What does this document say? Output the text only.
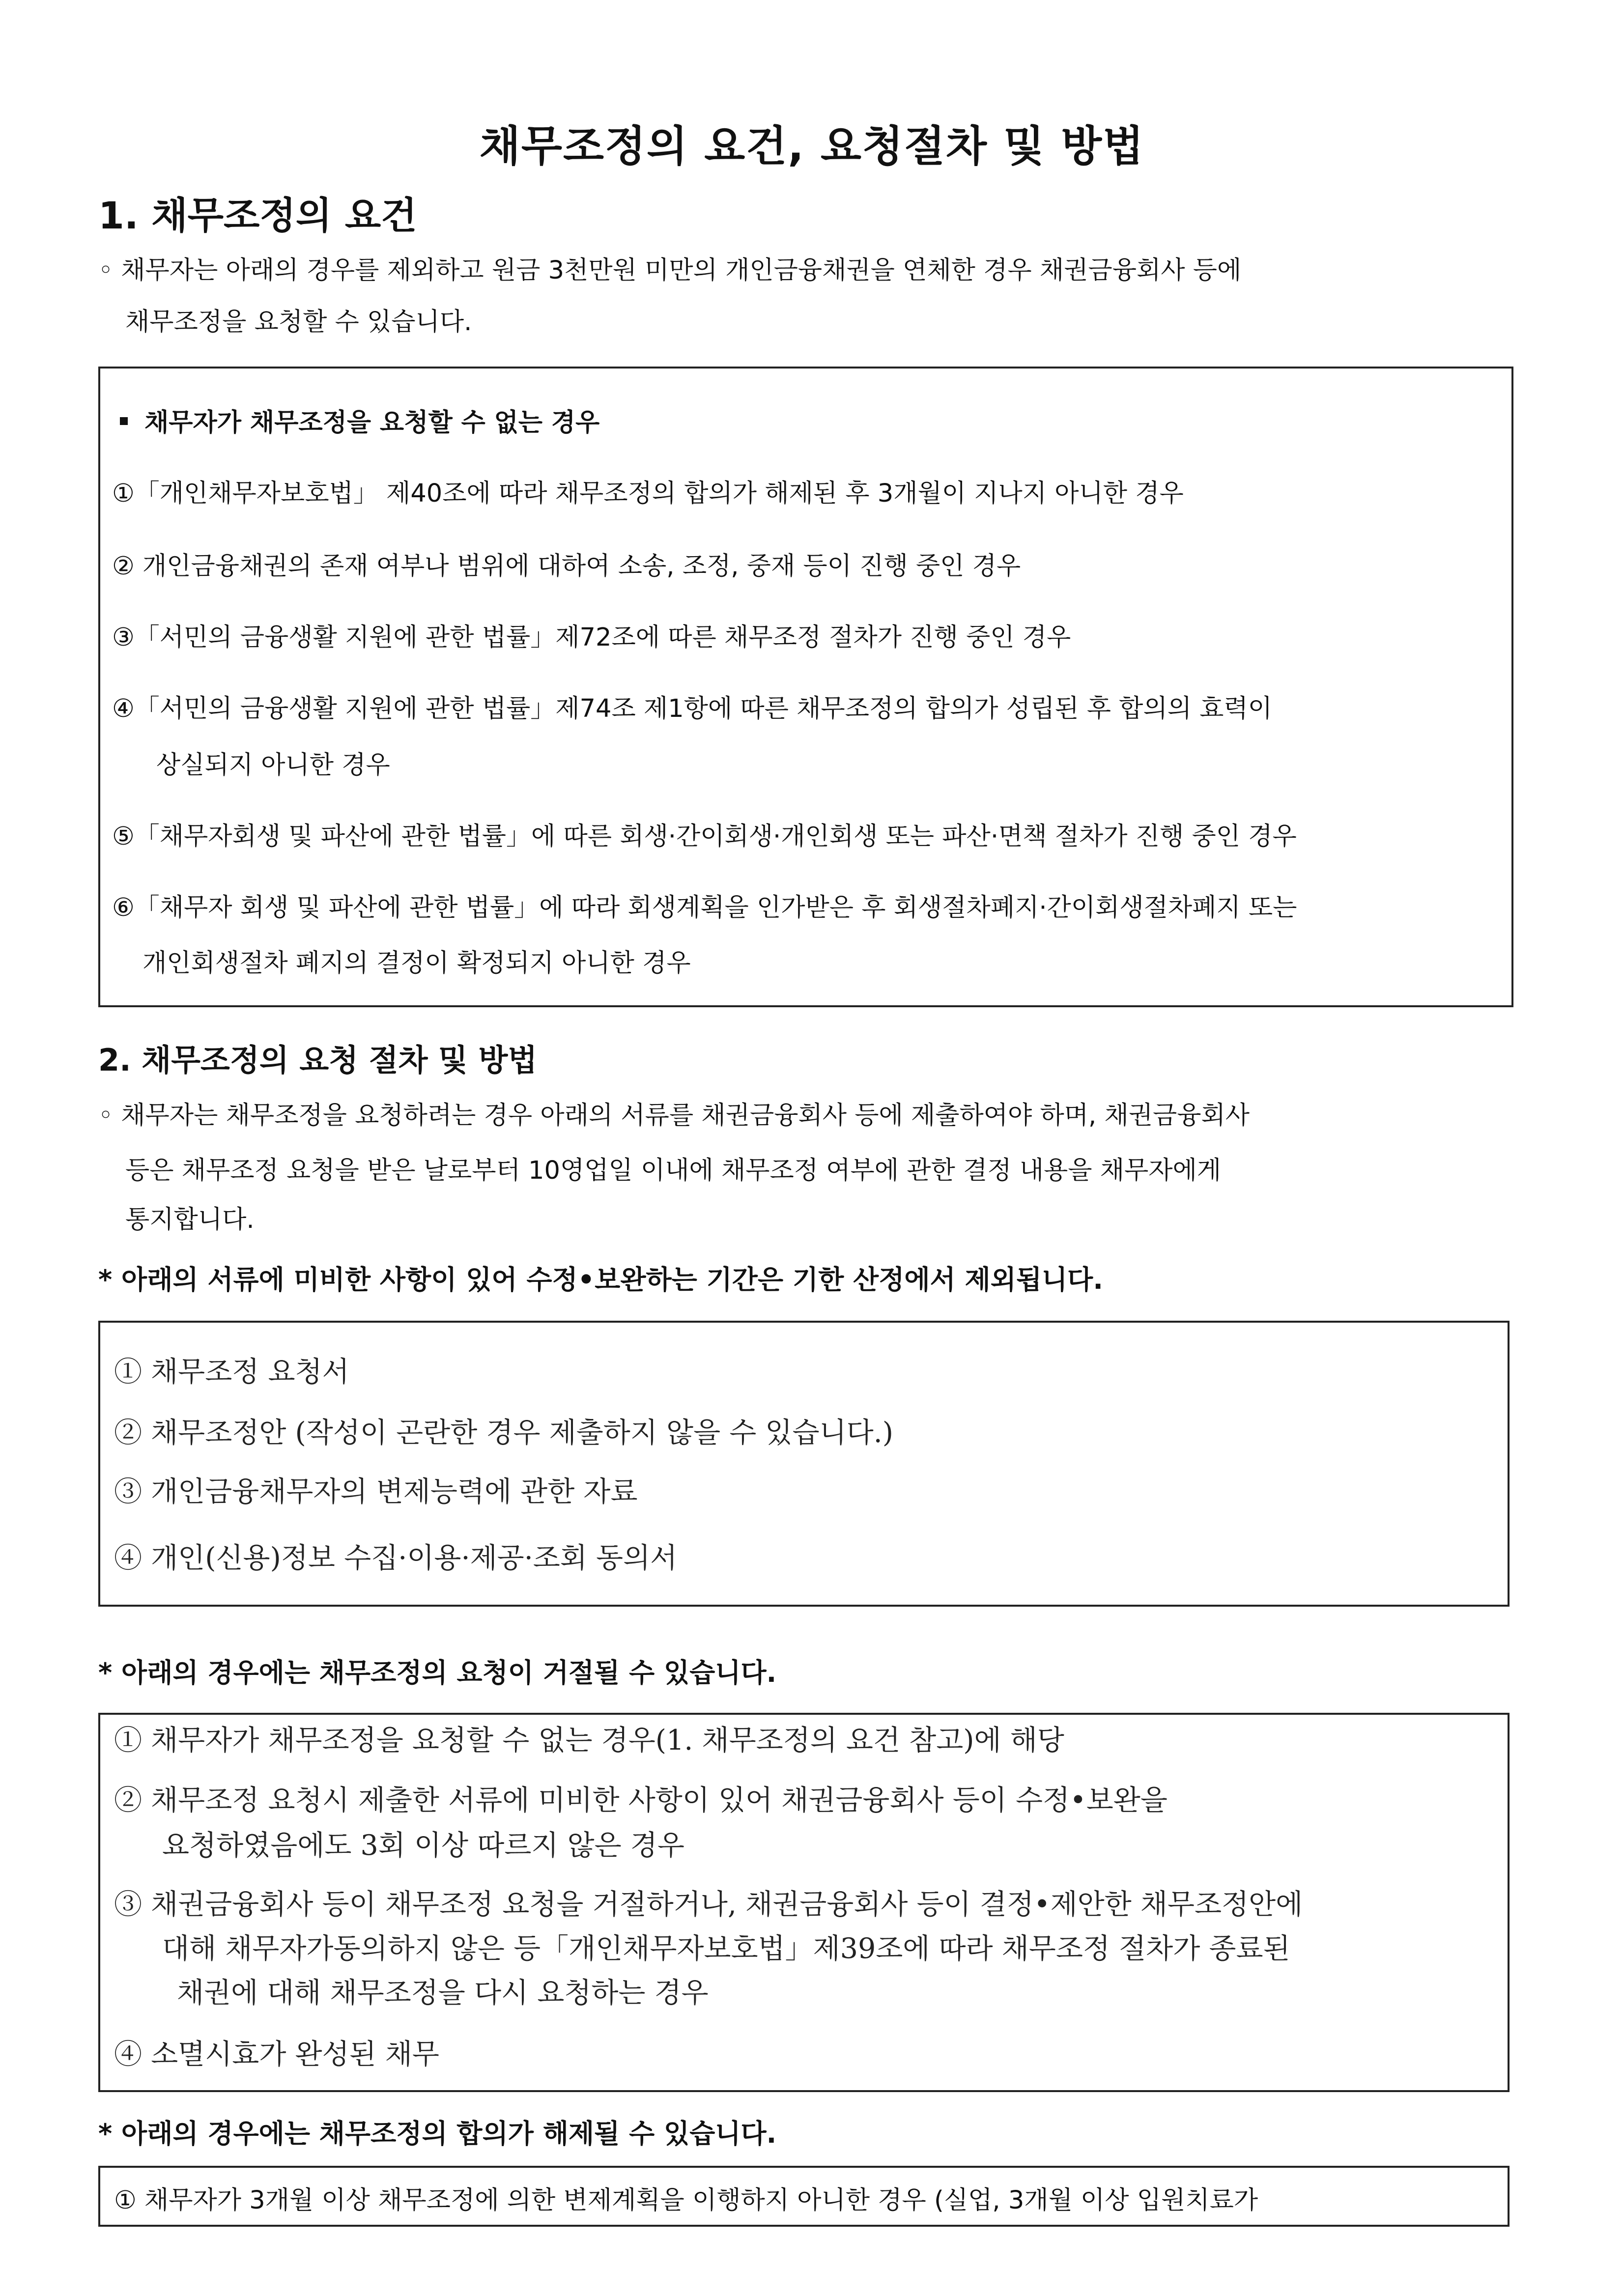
채무조정의 요건, 요청절차 및 방법
1. 채무조정의 요건
◦ 채무자는 아래의 경우를 제외하고 원금 3천만원 미만의 개인금융채권을 연체한 경우 채권금융회사 등에
채무조정을 요청할 수 있습니다.
채무자가 채무조정을 요청할 수 없는 경우
①「개인채무자보호법」 제40조에 따라 채무조정의 합의가 해제된 후 3개월이 지나지 아니한 경우
② 개인금융채권의 존재 여부나 범위에 대하여 소송, 조정, 중재 등이 진행 중인 경우
③「서민의 금융생활 지원에 관한 법률」제72조에 따른 채무조정 절차가 진행 중인 경우
④「서민의 금융생활 지원에 관한 법률」제74조 제1항에 따른 채무조정의 합의가 성립된 후 합의의 효력이
상실되지 아니한 경우
⑤「채무자회생 및 파산에 관한 법률」에 따른 회생·간이회생·개인회생 또는 파산·면책 절차가 진행 중인 경우
⑥「채무자 회생 및 파산에 관한 법률」에 따라 회생계획을 인가받은 후 회생절차폐지·간이회생절차폐지 또는
개인회생절차 폐지의 결정이 확정되지 아니한 경우
2. 채무조정의 요청 절차 및 방법
◦ 채무자는 채무조정을 요청하려는 경우 아래의 서류를 채권금융회사 등에 제출하여야 하며, 채권금융회사
등은 채무조정 요청을 받은 날로부터 10영업일 이내에 채무조정 여부에 관한 결정 내용을 채무자에게
통지합니다.
* 아래의 서류에 미비한 사항이 있어 수정•보완하는 기간은 기한 산정에서 제외됩니다.
① 채무조정 요청서
② 채무조정안 (작성이 곤란한 경우 제출하지 않을 수 있습니다.)
③ 개인금융채무자의 변제능력에 관한 자료
④ 개인(신용)정보 수집·이용·제공·조회 동의서
* 아래의 경우에는 채무조정의 요청이 거절될 수 있습니다.
① 채무자가 채무조정을 요청할 수 없는 경우(1. 채무조정의 요건 참고)에 해당
② 채무조정 요청시 제출한 서류에 미비한 사항이 있어 채권금융회사 등이 수정•보완을
요청하였음에도 3회 이상 따르지 않은 경우
③ 채권금융회사 등이 채무조정 요청을 거절하거나, 채권금융회사 등이 결정•제안한 채무조정안에
대해 채무자가동의하지 않은 등「개인채무자보호법」제39조에 따라 채무조정 절차가 종료된
채권에 대해 채무조정을 다시 요청하는 경우
④ 소멸시효가 완성된 채무
* 아래의 경우에는 채무조정의 합의가 해제될 수 있습니다.
① 채무자가 3개월 이상 채무조정에 의한 변제계획을 이행하지 아니한 경우 (실업, 3개월 이상 입원치료가
